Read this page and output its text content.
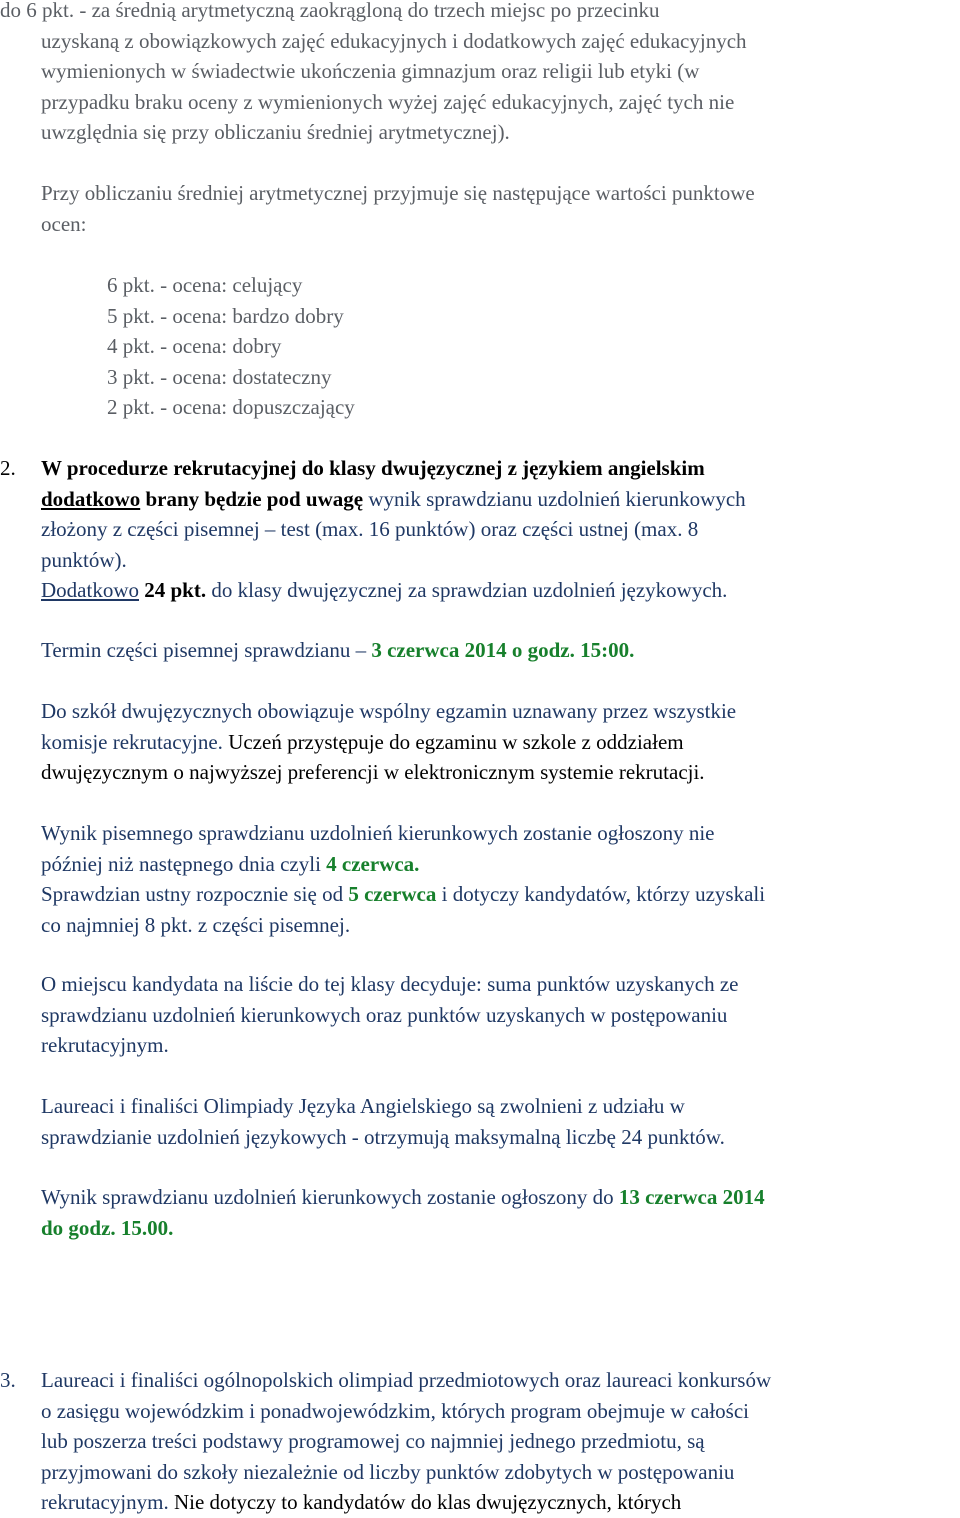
do 6 pkt. - za średnią arytmetyczną zaokrągloną do trzech miejsc po przecinku
uzyskaną z obowiązkowych zajęć edukacyjnych i dodatkowych zajęć edukacyjnych
wymienionych w świadectwie ukończenia gimnazjum oraz religii lub etyki (w
przypadku braku oceny z wymienionych wyżej zajęć edukacyjnych, zajęć tych nie
uwzględnia się przy obliczaniu średniej arytmetycznej).
Przy obliczaniu średniej arytmetycznej przyjmuje się następujące wartości punktowe
ocen:
6 pkt. - ocena: celujący
5 pkt. - ocena: bardzo dobry
4 pkt. - ocena: dobry
3 pkt. - ocena: dostateczny
2 pkt. - ocena: dopuszczający
2. W procedurze rekrutacyjnej do klasy dwujęzycznej z językiem angielskim
dodatkowo brany będzie pod uwagę wynik sprawdzianu uzdolnień kierunkowych
złożony z części pisemnej – test (max. 16 punktów) oraz części ustnej (max. 8
punktów).
Dodatkowo 24 pkt. do klasy dwujęzycznej za sprawdzian uzdolnień językowych.
Termin części pisemnej sprawdzianu – 3 czerwca 2014 o godz. 15:00.
Do szkół dwujęzycznych obowiązuje wspólny egzamin uznawany przez wszystkie
komisje rekrutacyjne. Uczeń przystępuje do egzaminu w szkole z oddziałem
dwujęzycznym o najwyższej preferencji w elektronicznym systemie rekrutacji.
Wynik pisemnego sprawdzianu uzdolnień kierunkowych zostanie ogłoszony nie
później niż następnego dnia czyli 4 czerwca.
Sprawdzian ustny rozpocznie się od 5 czerwca i dotyczy kandydatów, którzy uzyskali
co najmniej 8 pkt. z części pisemnej.
O miejscu kandydata na liście do tej klasy decyduje: suma punktów uzyskanych ze
sprawdzianu uzdolnień kierunkowych oraz punktów uzyskanych w postępowaniu
rekrutacyjnym.
Laureaci i finaliści Olimpiady Języka Angielskiego są zwolnieni z udziału w
sprawdzianie uzdolnień językowych - otrzymują maksymalną liczbę 24 punktów.
Wynik sprawdzianu uzdolnień kierunkowych zostanie ogłoszony do 13 czerwca 2014
do godz. 15.00.
3. Laureaci i finaliści ogólnopolskich olimpiad przedmiotowych oraz laureaci konkursów
o zasięgu wojewódzkim i ponadwojewódzkim, których program obejmuje w całości
lub poszerza treści podstawy programowej co najmniej jednego przedmiotu, są
przyjmowani do szkoły niezależnie od liczby punktów zdobytych w postępowaniu
rekrutacyjnym. Nie dotyczy to kandydatów do klas dwujęzycznych, których
